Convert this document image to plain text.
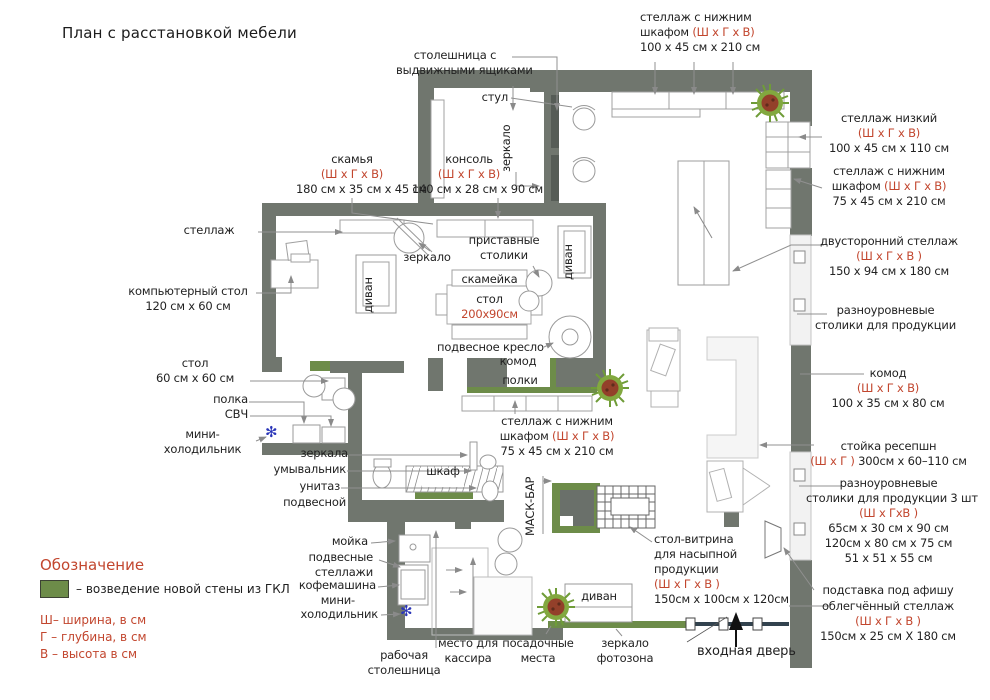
План с расстановкой мебели
столешница с
выдвижными ящиками
стул
зеркало
скамья
(Ш х Г х В)
180 см х 35 см х 45 см
консоль
(Ш х Г х В)
140 см х 28 см х 90 см
стеллаж
компьютерный стол
120 см х 60 см
стол
60 см х 60 см
полка
СВЧ
мини-
холодильник	зеркала
умывальник
унитаз
подвесной
стеллаж с нижним
шкафом (Ш х Г х В)
100 х 45 см х 210 см
стеллаж низкий
(Ш х Г х В)
100 х 45 см х 110 см
стеллаж с нижним
шкафом (Ш х Г х В)
75 х 45 см х 210 см
двусторонний стеллаж
(Ш х Г х В )
150 х 94 см х 180 см
разноуровневые
столики для продукции
комод
(Ш х Г х В)
100 х 35 см х 80 см
стойка ресепшн
(Ш х Г ) 300см х 60–110 см
разноуровневые
столики для продукции 3 шт
(Ш х ГхВ )
65см х 30 см х 90 см
120см х 80 см х 75 см
51 х 51 х 55 см
подставка под афишу
облегчённый стеллаж
(Ш х Г х В )
150см х 25 см Х 180 см
стол-витрина
для насыпной
продукции
(Ш х Г х В )
150см х 100см х 120см
МАСК-БАР
входная дверь
зеркало
фотозона
посадочные
места
место для
кассира
рабочая
столешница
мойка
подвесные
стеллажи
кофемашина
мини-
холодильник
стеллаж с нижним
шкафом (Ш х Г х В)
75 х 45 см х 210 см
приставные
столики
зеркало
скамейка
стол
200х90см
подвесное кресло
комод
полки
диван
диван
диван
шкаф
✻
✻
Обозначение
– возведение новой стены из ГКЛ
Ш– ширина, в см
Г – глубина, в см
В – высота в см
